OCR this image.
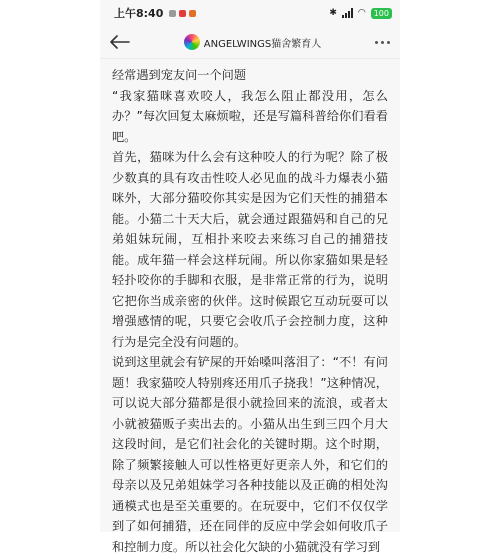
上午8:40	✱ ◠	100
ANGELWINGS猫舍繁育人

经常遇到宠友问一个问题

“我家猫咪喜欢咬人，我怎么阻止都没用，怎么办？”每次回复太麻烦啦，还是写篇科普给你们看看吧。

首先，猫咪为什么会有这种咬人的行为呢？除了极少数真的具有攻击性咬人必见血的战斗力爆表小猫咪外，大部分猫咬你其实是因为它们天性的捕猎本能。小猫二十天大后，就会通过跟猫妈和自己的兄弟姐妹玩闹，互相扑来咬去来练习自己的捕猎技能。成年猫一样会这样玩闹。所以你家猫如果是轻轻扑咬你的手脚和衣服，是非常正常的行为，说明它把你当成亲密的伙伴。这时候跟它互动玩耍可以增强感情的呢，只要它会收爪子会控制力度，这种行为是完全没有问题的。

说到这里就会有铲屎的开始嗓叫落泪了：“不！有问题！我家猫咬人特别疼还用爪子挠我！”这种情况，可以说大部分猫都是很小就捡回来的流浪，或者太小就被猫贩子卖出去的。小猫从出生到三四个月大这段时间，是它们社会化的关键时期。这个时期，除了频繁接触人可以性格更好更亲人外，和它们的母亲以及兄弟姐妹学习各种技能以及正确的相处沟通模式也是至关重要的。在玩耍中，它们不仅仅学到了如何捕猎，还在同伴的反应中学会如何收爪子和控制力度。所以社会化欠缺的小猫就没有学习到
